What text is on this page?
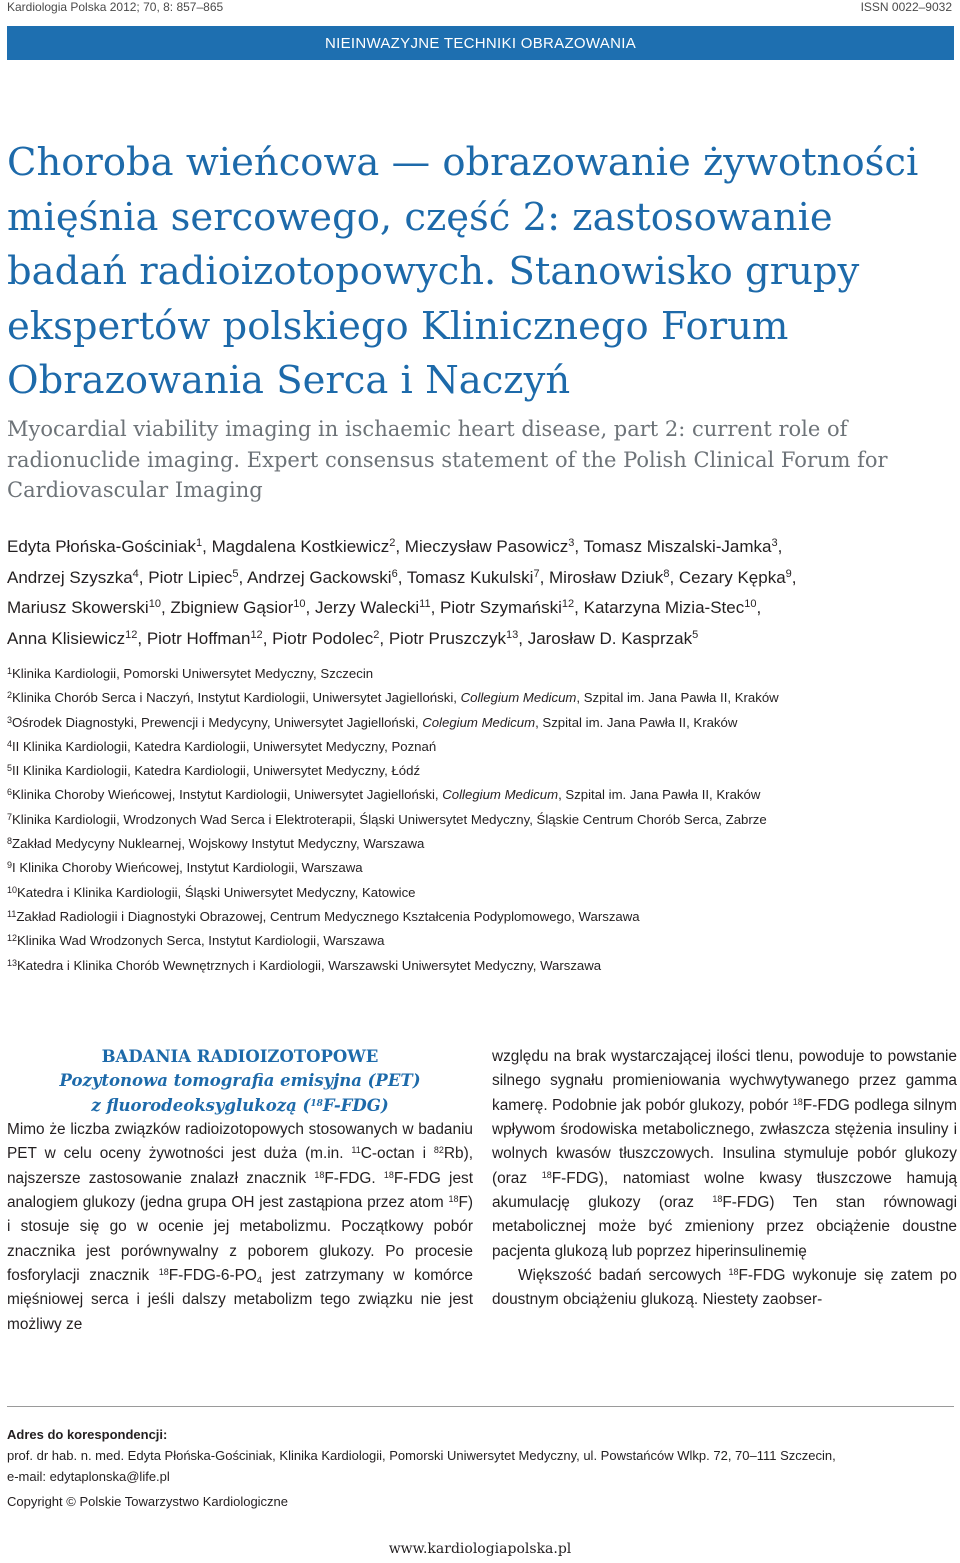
Kardiologia Polska 2012; 70, 8: 857–865	ISSN 0022–9032
NIEINWAZYJNE TECHNIKI OBRAZOWANIA
Choroba wieńcowa — obrazowanie żywotności mięśnia sercowego, część 2: zastosowanie badań radioizotopowych. Stanowisko grupy ekspertów polskiego Klinicznego Forum Obrazowania Serca i Naczyń
Myocardial viability imaging in ischaemic heart disease, part 2: current role of radionuclide imaging. Expert consensus statement of the Polish Clinical Forum for Cardiovascular Imaging
Edyta Płońska-Gościniak$^1$, Magdalena Kostkiewicz$^2$, Mieczysław Pasowicz$^3$, Tomasz Miszalski-Jamka$^3$,
Andrzej Szyszka$^4$, Piotr Lipiec$^5$, Andrzej Gackowski$^6$, Tomasz Kukulski$^7$, Mirosław Dziuk$^8$, Cezary Kępka$^9$,
Mariusz Skowerski$^{10}$, Zbigniew Gąsior$^{10}$, Jerzy Walecki$^{11}$, Piotr Szymański$^{12}$, Katarzyna Mizia-Stec$^{10}$,
Anna Klisiewicz$^{12}$, Piotr Hoffman$^{12}$, Piotr Podolec$^2$, Piotr Pruszczyk$^{13}$, Jarosław D. Kasprzak$^5$
$^1$Klinika Kardiologii, Pomorski Uniwersytet Medyczny, Szczecin
$^2$Klinika Chorób Serca i Naczyń, Instytut Kardiologii, Uniwersytet Jagielloński, Collegium Medicum, Szpital im. Jana Pawła II, Kraków
$^3$Ośrodek Diagnostyki, Prewencji i Medycyny, Uniwersytet Jagielloński, Colegium Medicum, Szpital im. Jana Pawła II, Kraków
$^4$II Klinika Kardiologii, Katedra Kardiologii, Uniwersytet Medyczny, Poznań
$^5$II Klinika Kardiologii, Katedra Kardiologii, Uniwersytet Medyczny, Łódź
$^6$Klinika Choroby Wieńcowej, Instytut Kardiologii, Uniwersytet Jagielloński, Collegium Medicum, Szpital im. Jana Pawła II, Kraków
$^7$Klinika Kardiologii, Wrodzonych Wad Serca i Elektroterapii, Śląski Uniwersytet Medyczny, Śląskie Centrum Chorób Serca, Zabrze
$^8$Zakład Medycyny Nuklearnej, Wojskowy Instytut Medyczny, Warszawa
$^9$I Klinika Choroby Wieńcowej, Instytut Kardiologii, Warszawa
$^{10}$Katedra i Klinika Kardiologii, Śląski Uniwersytet Medyczny, Katowice
$^{11}$Zakład Radiologii i Diagnostyki Obrazowej, Centrum Medycznego Kształcenia Podyplomowego, Warszawa
$^{12}$Klinika Wad Wrodzonych Serca, Instytut Kardiologii, Warszawa
$^{13}$Katedra i Klinika Chorób Wewnętrznych i Kardiologii, Warszawski Uniwersytet Medyczny, Warszawa

BADANIA RADIOIZOTOPOWE

Pozytonowa tomografia emisyjna (PET)

z fluorodeoksyglukozą ($^{18}$F-FDG)

Mimo że liczba związków radioizotopowych stosowanych w badaniu PET w celu oceny żywotności jest duża (m.in. $^{11}$C-octan i $^{82}$Rb), najszersze zastosowanie znalazł znacznik $^{18}$F-FDG. $^{18}$F-FDG jest analogiem glukozy (jedna grupa OH jest zastąpiona przez atom $^{18}$F) i stosuje się go w ocenie jej metabolizmu. Początkowy pobór znacznika jest porównywalny z poborem glukozy. Po procesie fosforylacji znacznik $^{18}F-FDG-6-PO_4$ jest zatrzymany w komórce mięśniowej serca i jeśli dalszy metabolizm tego związku nie jest możliwy ze

względu na brak wystarczającej ilości tlenu, powoduje to powstanie silnego sygnału promieniowania wychwytywanego przez gamma kamerę. Podobnie jak pobór glukozy, pobór $^{18}$F-FDG podlega silnym wpływom środowiska metabolicznego, zwłaszcza stężenia insuliny i wolnych kwasów tłuszczowych. Insulina stymuluje pobór glukozy (oraz $^{18}$F-FDG), natomiast wolne kwasy tłuszczowe hamują akumulację glukozy (oraz $^{18}$F-FDG) Ten stan równowagi metabolicznej może być zmieniony przez obciążenie doustne pacjenta glukozą lub poprzez hiperinsulinemię

Większość badań sercowych $^{18}$F-FDG wykonuje się zatem po doustnym obciążeniu glukozą. Niestety zaobser-

Adres do korespondencji:
prof. dr hab. n. med. Edyta Płońska-Gościniak, Klinika Kardiologii, Pomorski Uniwersytet Medyczny, ul. Powstańców Wlkp. 72, 70–111 Szczecin,
e-mail: edytaplonska@life.pl
Copyright © Polskie Towarzystwo Kardiologiczne
www.kardiologiapolska.pl
